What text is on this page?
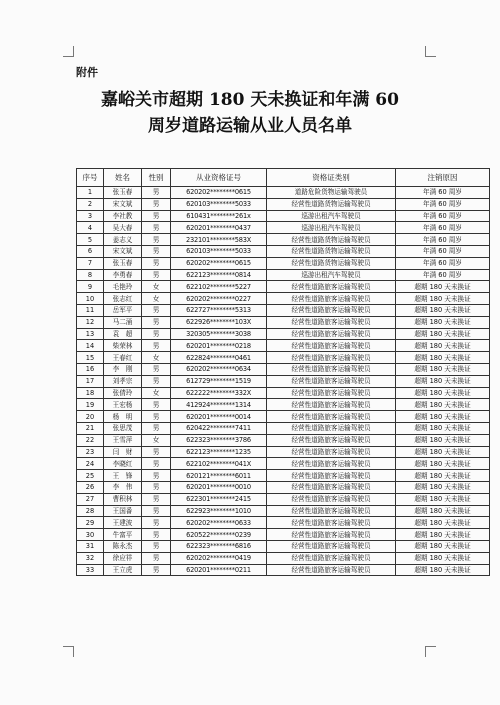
附件
嘉峪关市超期 180 天未换证和年满 60
周岁道路运输从业人员名单
序号	姓名	性别	从业资格证号	资格证类别	注销原因
1	张玉春	男	620202********0615	道路危险货物运输驾驶员	年满 60 周岁
2	宋文斌	男	620103********5033	经营性道路货物运输驾驶员	年满 60 周岁
3	李社教	男	610431********261x	巡游出租汽车驾驶员	年满 60 周岁
4	吴大春	男	620201********0437	巡游出租汽车驾驶员	年满 60 周岁
5	姜志义	男	232101********583X	经营性道路货物运输驾驶员	年满 60 周岁
6	宋文斌	男	620103********5033	经营性道路货物运输驾驶员	年满 60 周岁
7	张玉春	男	620202********0615	经营性道路货物运输驾驶员	年满 60 周岁
8	李勇春	男	622123********0814	巡游出租汽车驾驶员	年满 60 周岁
9	毛艳玲	女	622102********5227	经营性道路旅客运输驾驶员	超期 180 天未换证
10	张志红	女	620202********0227	经营性道路旅客运输驾驶员	超期 180 天未换证
11	岳军平	男	622727********5313	经营性道路旅客运输驾驶员	超期 180 天未换证
12	马二涌	男	622926********103X	经营性道路旅客运输驾驶员	超期 180 天未换证
13	袁　超	男	320305********3038	经营性道路旅客运输驾驶员	超期 180 天未换证
14	柴荣林	男	620201********0218	经营性道路旅客运输驾驶员	超期 180 天未换证
15	王春红	女	622824********0461	经营性道路旅客运输驾驶员	超期 180 天未换证
16	李　刚	男	620202********0634	经营性道路旅客运输驾驶员	超期 180 天未换证
17	刘孝宗	男	612729********1519	经营性道路旅客运输驾驶员	超期 180 天未换证
18	张倩玲	女	622222********332X	经营性道路旅客运输驾驶员	超期 180 天未换证
19	王宏杨	男	412924********1314	经营性道路旅客运输驾驶员	超期 180 天未换证
20	杨　明	男	620201********0014	经营性道路旅客运输驾驶员	超期 180 天未换证
21	张思茂	男	620422********7411	经营性道路旅客运输驾驶员	超期 180 天未换证
22	王雪萍	女	622323********3786	经营性道路旅客运输驾驶员	超期 180 天未换证
23	闫　财	男	622123********1235	经营性道路旅客运输驾驶员	超期 180 天未换证
24	李晓红	男	622102********041X	经营性道路旅客运输驾驶员	超期 180 天未换证
25	王　锋	男	620121********6011	经营性道路旅客运输驾驶员	超期 180 天未换证
26	李　伟	男	620201********0010	经营性道路旅客运输驾驶员	超期 180 天未换证
27	曹积林	男	622301********2415	经营性道路旅客运输驾驶员	超期 180 天未换证
28	王国番	男	622923********1010	经营性道路旅客运输驾驶员	超期 180 天未换证
29	王建波	男	620202********0633	经营性道路旅客运输驾驶员	超期 180 天未换证
30	牛富平	男	620522********0239	经营性道路旅客运输驾驶员	超期 180 天未换证
31	陈永杰	男	622323********6816	经营性道路旅客运输驾驶员	超期 180 天未换证
32	徐应祥	男	620202********0419	经营性道路旅客运输驾驶员	超期 180 天未换证
33	王立虎	男	620201********0211	经营性道路旅客运输驾驶员	超期 180 天未换证
